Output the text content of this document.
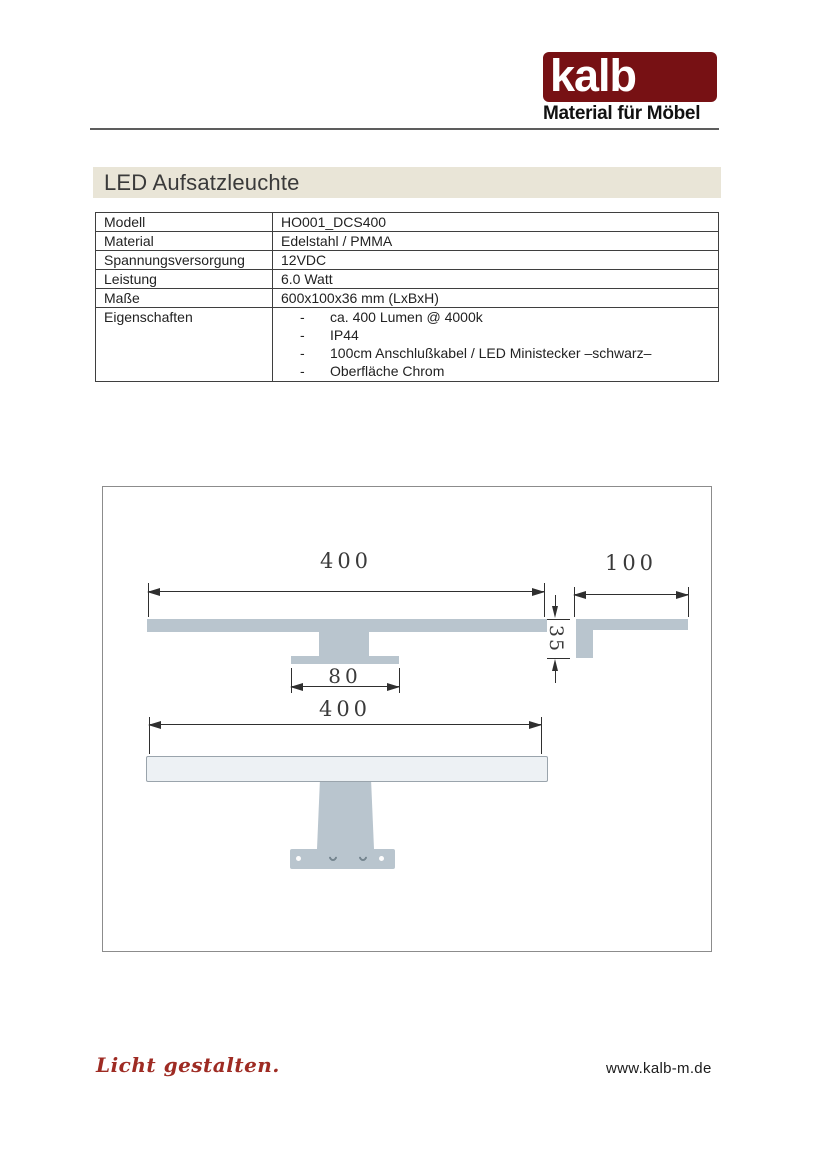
kalb
Material für Möbel
LED Aufsatzleuchte
Modell	HO001_DCS400
Material	Edelstahl / PMMA
Spannungsversorgung	12VDC
Leistung	6.0 Watt
Maße	600x100x36 mm (LxBxH)
Eigenschaften	- ca. 400 Lumen @ 4000k
- IP44
- 100cm Anschlußkabel / LED Ministecker –schwarz–
- Oberfläche Chrom
400
80
100
35
400
Licht gestalten.	www.kalb-m.de
